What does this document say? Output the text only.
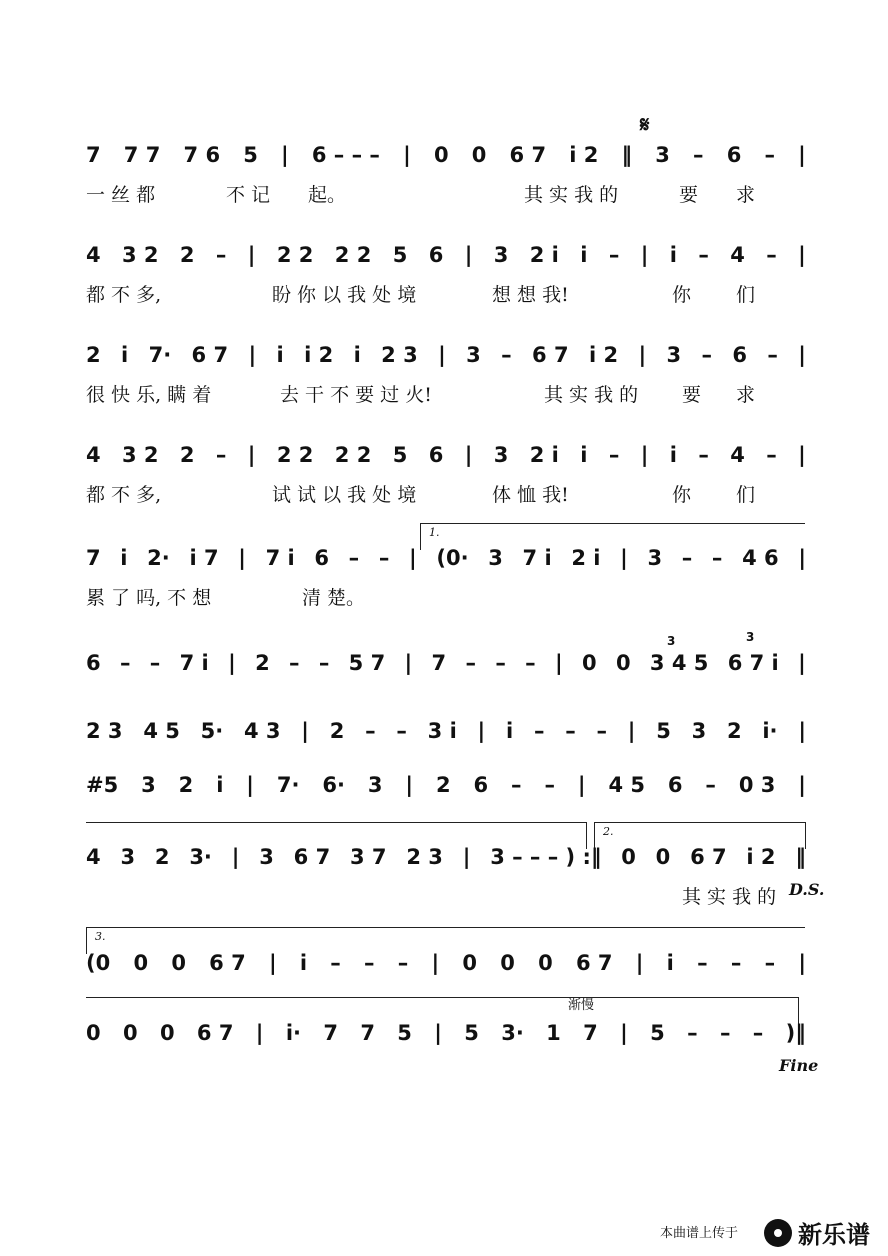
7 7 7 7 6 5 | 6 – – – | 0 0 6 7 i 2 ‖ 3 – 6 – |
一 丝 都	不 记 起。	其 实 我 的	要 求
𝄋
4 3 2 2 – | 2 2 2 2 5 6 | 3 2 i i – | i – 4 – |
都 不 多,	盼 你 以 我 处 境	想 想 我!	你 们
2 i 7· 6 7 | i i 2 i 2 3 | 3 – 6 7 i 2 | 3 – 6 – |
很 快 乐, 瞒 着	去 干 不 要 过 火!	其 实 我 的 要 求
4 3 2 2 – | 2 2 2 2 5 6 | 3 2 i i – | i – 4 – |
都 不 多,	试 试 以 我 处 境	体 恤 我!	你 们
1.
7 i 2· i 7 | 7 i 6 – – | (0· 3 7 i 2 i | 3 – – 4 6 |
累 了 吗, 不 想	清 楚。
3	3
6 – – 7 i | 2 – – 5 7 | 7 – – – | 0 0 3 4 5 6 7 i |
2 3 4 5 5· 4 3 | 2 – – 3 i | i – – – | 5 3 2 i· |
#5 3 2 i | 7· 6· 3 | 2 6 – – | 4 5 6 – 0 3 |
2.
4 3 2 3· | 3 6 7 3 7 2 3 | 3 – – – ) :‖ 0 0 6 7 i 2 ‖
其 实 我 的 D.S.
3.
(0 0 0 6 7 | i – – – | 0 0 0 6 7 | i – – – |
渐慢
0 0 0 6 7 | i· 7 7 5 | 5 3· 1 7 | 5 – – – )‖
Fine
本曲谱上传于 新乐谱
